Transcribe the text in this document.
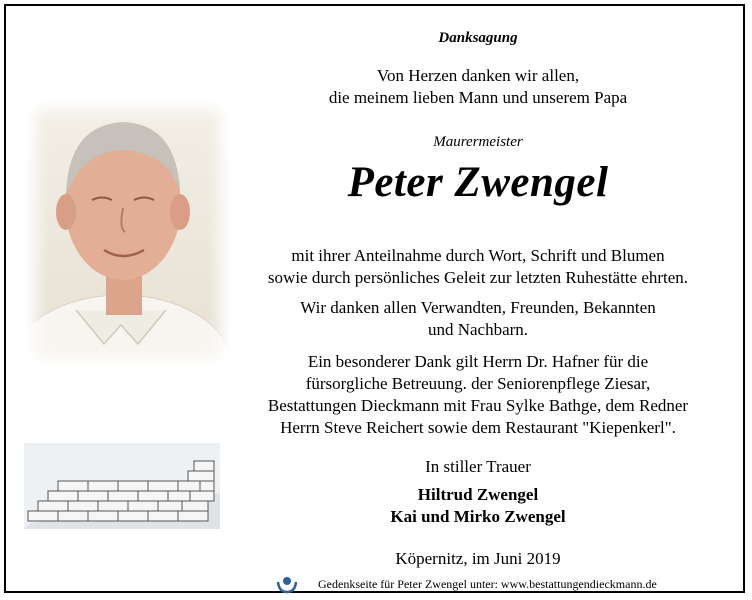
Danksagung
Von Herzen danken wir allen,
die meinem lieben Mann und unserem Papa
Maurermeister
Peter Zwengel
mit ihrer Anteilnahme durch Wort, Schrift und Blumen
sowie durch persönliches Geleit zur letzten Ruhestätte ehrten.
Wir danken allen Verwandten, Freunden, Bekannten
und Nachbarn.
Ein besonderer Dank gilt Herrn Dr. Hafner für die
fürsorgliche Betreuung. der Seniorenpflege Ziesar,
Bestattungen Dieckmann mit Frau Sylke Bathge, dem Redner
Herrn Steve Reichert sowie dem Restaurant "Kiepenkerl".
In stiller Trauer
Hiltrud Zwengel
Kai und Mirko Zwengel
Köpernitz, im Juni 2019
Gedenkseite für Peter Zwengel unter: www.bestattungendieckmann.de
